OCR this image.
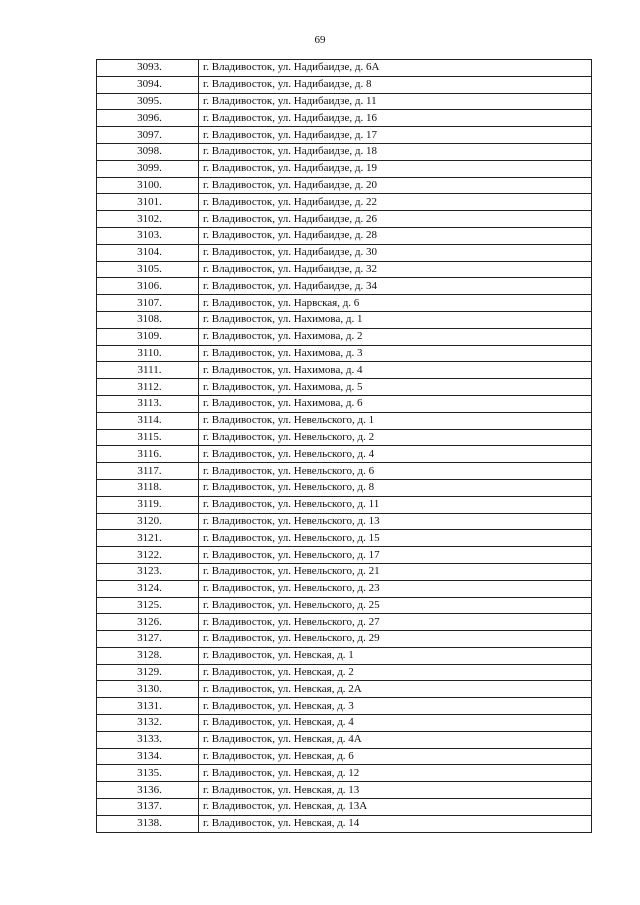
69
3093.	г. Владивосток, ул. Надибаидзе, д. 6А
3094.	г. Владивосток, ул. Надибаидзе, д. 8
3095.	г. Владивосток, ул. Надибаидзе, д. 11
3096.	г. Владивосток, ул. Надибаидзе, д. 16
3097.	г. Владивосток, ул. Надибаидзе, д. 17
3098.	г. Владивосток, ул. Надибаидзе, д. 18
3099.	г. Владивосток, ул. Надибаидзе, д. 19
3100.	г. Владивосток, ул. Надибаидзе, д. 20
3101.	г. Владивосток, ул. Надибаидзе, д. 22
3102.	г. Владивосток, ул. Надибаидзе, д. 26
3103.	г. Владивосток, ул. Надибаидзе, д. 28
3104.	г. Владивосток, ул. Надибаидзе, д. 30
3105.	г. Владивосток, ул. Надибаидзе, д. 32
3106.	г. Владивосток, ул. Надибаидзе, д. 34
3107.	г. Владивосток, ул. Нарвская, д. 6
3108.	г. Владивосток, ул. Нахимова, д. 1
3109.	г. Владивосток, ул. Нахимова, д. 2
3110.	г. Владивосток, ул. Нахимова, д. 3
3111.	г. Владивосток, ул. Нахимова, д. 4
3112.	г. Владивосток, ул. Нахимова, д. 5
3113.	г. Владивосток, ул. Нахимова, д. 6
3114.	г. Владивосток, ул. Невельского, д. 1
3115.	г. Владивосток, ул. Невельского, д. 2
3116.	г. Владивосток, ул. Невельского, д. 4
3117.	г. Владивосток, ул. Невельского, д. 6
3118.	г. Владивосток, ул. Невельского, д. 8
3119.	г. Владивосток, ул. Невельского, д. 11
3120.	г. Владивосток, ул. Невельского, д. 13
3121.	г. Владивосток, ул. Невельского, д. 15
3122.	г. Владивосток, ул. Невельского, д. 17
3123.	г. Владивосток, ул. Невельского, д. 21
3124.	г. Владивосток, ул. Невельского, д. 23
3125.	г. Владивосток, ул. Невельского, д. 25
3126.	г. Владивосток, ул. Невельского, д. 27
3127.	г. Владивосток, ул. Невельского, д. 29
3128.	г. Владивосток, ул. Невская, д. 1
3129.	г. Владивосток, ул. Невская, д. 2
3130.	г. Владивосток, ул. Невская, д. 2А
3131.	г. Владивосток, ул. Невская, д. 3
3132.	г. Владивосток, ул. Невская, д. 4
3133.	г. Владивосток, ул. Невская, д. 4А
3134.	г. Владивосток, ул. Невская, д. 6
3135.	г. Владивосток, ул. Невская, д. 12
3136.	г. Владивосток, ул. Невская, д. 13
3137.	г. Владивосток, ул. Невская, д. 13А
3138.	г. Владивосток, ул. Невская, д. 14
